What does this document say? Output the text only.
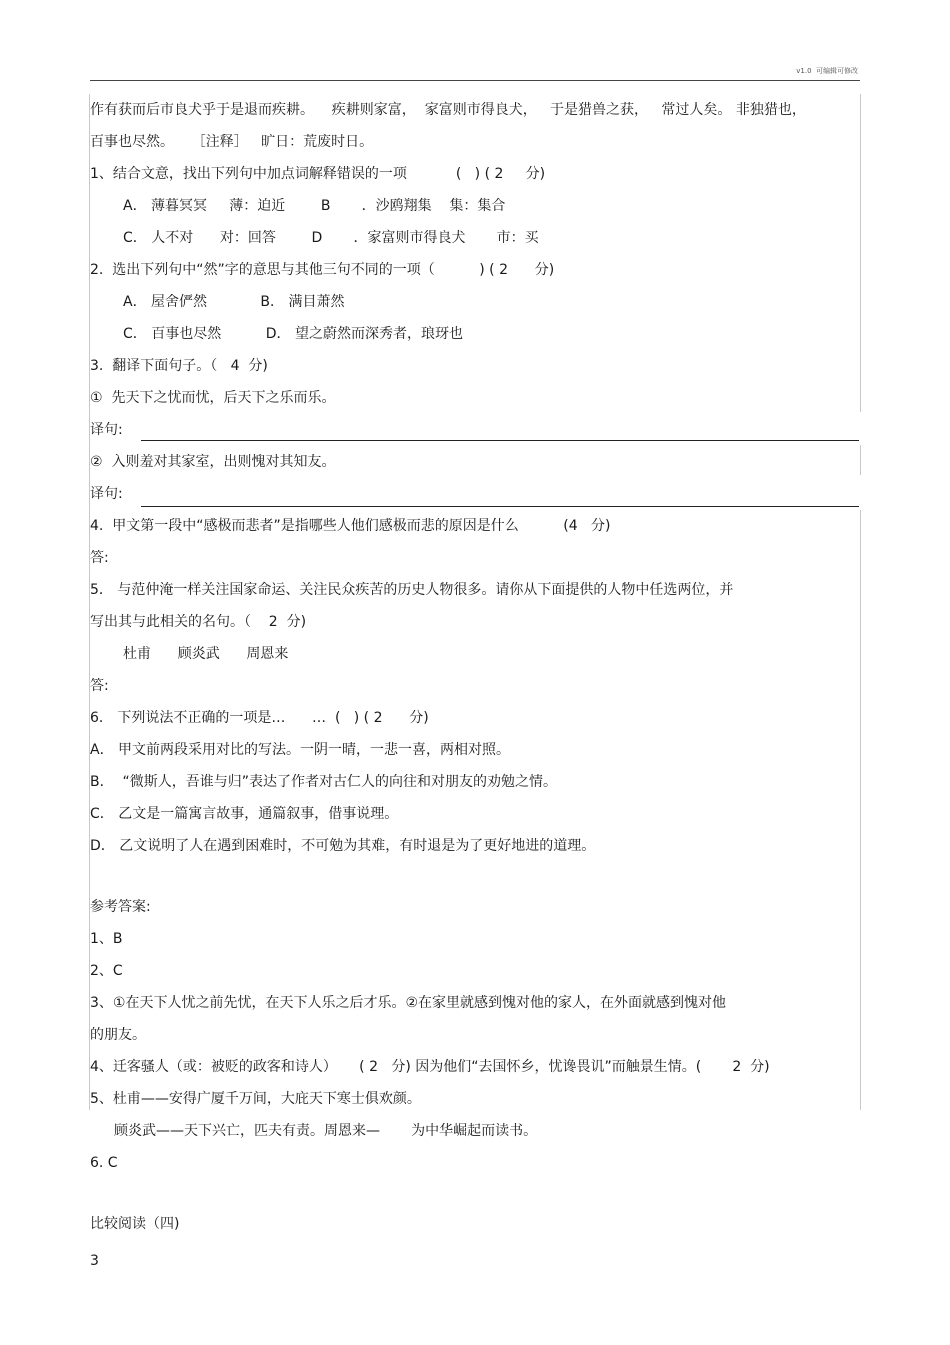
v1.0  可编辑可修改
作有获而后市良犬乎于是退而疾耕。    疾耕则家富，  家富则市得良犬，   于是猎兽之获，   常过人矣。 非独猎也，
百事也尽然。    ［注释］   旷日：荒废时日。
1、结合文意，找出下列句中加点词解释错误的一项           (   ) ( 2     分)
A． 薄暮冥冥     薄：迫近        B       ．沙鸥翔集    集：集合
C． 人不对      对：回答        D       ．家富则市得良犬       市：买
2.  选出下列句中“然”字的意思与其他三句不同的一项（          ) ( 2      分)
A． 屋舍俨然            B． 满目萧然
C． 百事也尽然          D． 望之蔚然而深秀者，琅玡也
3.  翻译下面句子。（   4  分)
①  先天下之忧而忧，后天下之乐而乐。
译句:
②  入则羞对其家室，出则愧对其知友。
译句:
4.  甲文第一段中“感极而悲者”是指哪些人他们感极而悲的原因是什么          (4   分)
答:
5． 与范仲淹一样关注国家命运、关注民众疾苦的历史人物很多。请你从下面提供的人物中任选两位，并
写出其与此相关的名句。（    2  分)
杜甫      顾炎武      周恩来
答:
6． 下列说法不正确的一项是…      …  (   ) ( 2      分)
A． 甲文前两段采用对比的写法。一阴一晴，一悲一喜，两相对照。
B．  “微斯人，吾谁与归”表达了作者对古仁人的向往和对朋友的劝勉之情。
C． 乙文是一篇寓言故事，通篇叙事，借事说理。
D． 乙文说明了人在遇到困难时，不可勉为其难，有时退是为了更好地进的道理。
参考答案:
1、B
2、C
3、①在天下人忧之前先忧，在天下人乐之后才乐。②在家里就感到愧对他的家人，在外面就感到愧对他
的朋友。
4、迁客骚人（或：被贬的政客和诗人）     ( 2   分) 因为他们“去国怀乡，忧谗畏讥”而触景生情。(       2  分)
5、杜甫——安得广厦千万间，大庇天下寒士俱欢颜。
顾炎武——天下兴亡，匹夫有责。周恩来—       为中华崛起而读书。
6. C
比较阅读（四)
3
